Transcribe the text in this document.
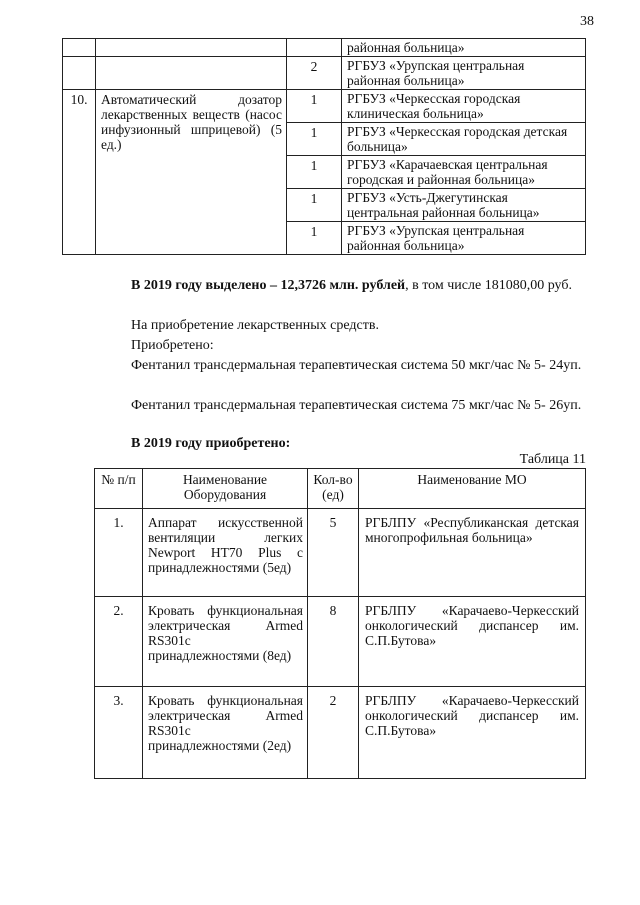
38
			районная больница»
		2	РГБУЗ «Урупская центральная районная больница»
10.	Автоматический дозатор лекарственных веществ (насос инфузионный шприцевой) (5 ед.)	1	РГБУЗ «Черкесская городская клиническая больница»
		1	РГБУЗ «Черкесская городская детская больница»
		1	РГБУЗ «Карачаевская центральная городская и районная больница»
		1	РГБУЗ «Усть-Джегутинская центральная районная больница»
		1	РГБУЗ «Урупская центральная районная больница»
В 2019 году выделено – 12,3726 млн. рублей, в том числе 181080,00 руб.
На приобретение лекарственных средств.
Приобретено:
Фентанил трансдермальная терапевтическая система 50 мкг/час № 5- 24уп.
Фентанил трансдермальная терапевтическая система 75 мкг/час № 5- 26уп.
В 2019 году приобретено:
Таблица 11
№ п/п	Наименование Оборудования	Кол-во (ед)	Наименование МО
1.	Аппарат искусственной вентиляции легких Newport HT70 Plus с принадлежностями (5ед)	5	РГБЛПУ «Республиканская детская многопрофильная больница»
2.	Кровать функциональная электрическая Armed RS301c принадлежностями (8ед)	8	РГБЛПУ «Карачаево-Черкесский онкологический диспансер им. С.П.Бутова»
3.	Кровать функциональная электрическая Armed RS301c принадлежностями (2ед)	2	РГБЛПУ «Карачаево-Черкесский онкологический диспансер им. С.П.Бутова»
